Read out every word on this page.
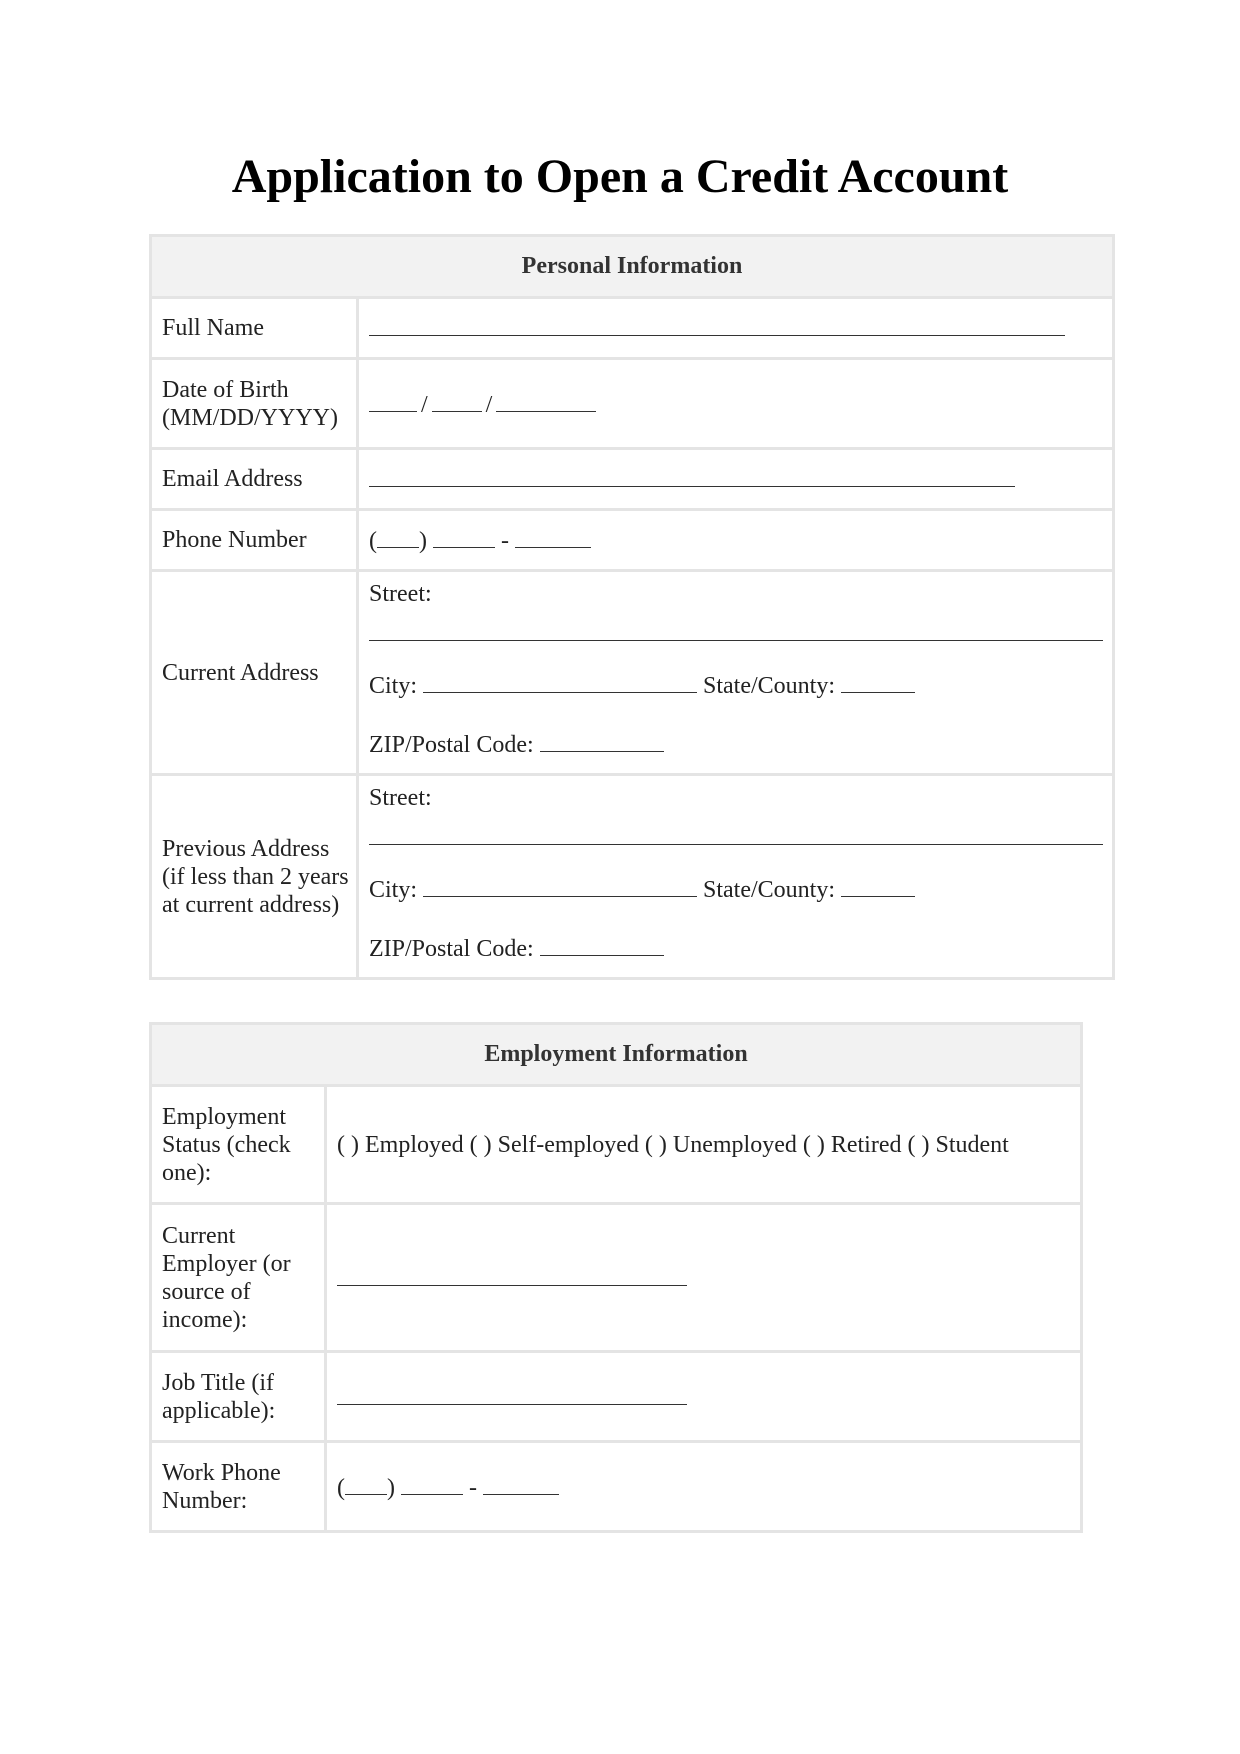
Application to Open a Credit Account
Personal Information	
Full Name	
Date of Birth (MM/DD/YYYY)	/ /
Email Address	
Phone Number	( ) -
Current Address	Street:
City: State/County:
ZIP/Postal Code:

Previous Address (if less than 2 years at current address)	Street:
City: State/County:
ZIP/Postal Code:
Employment Information	
Employment Status (check one):	( ) Employed ( ) Self-employed ( ) Unemployed ( ) Retired ( ) Student
Current Employer (or source of income):	
Job Title (if applicable):	
Work Phone Number:	( ) -
